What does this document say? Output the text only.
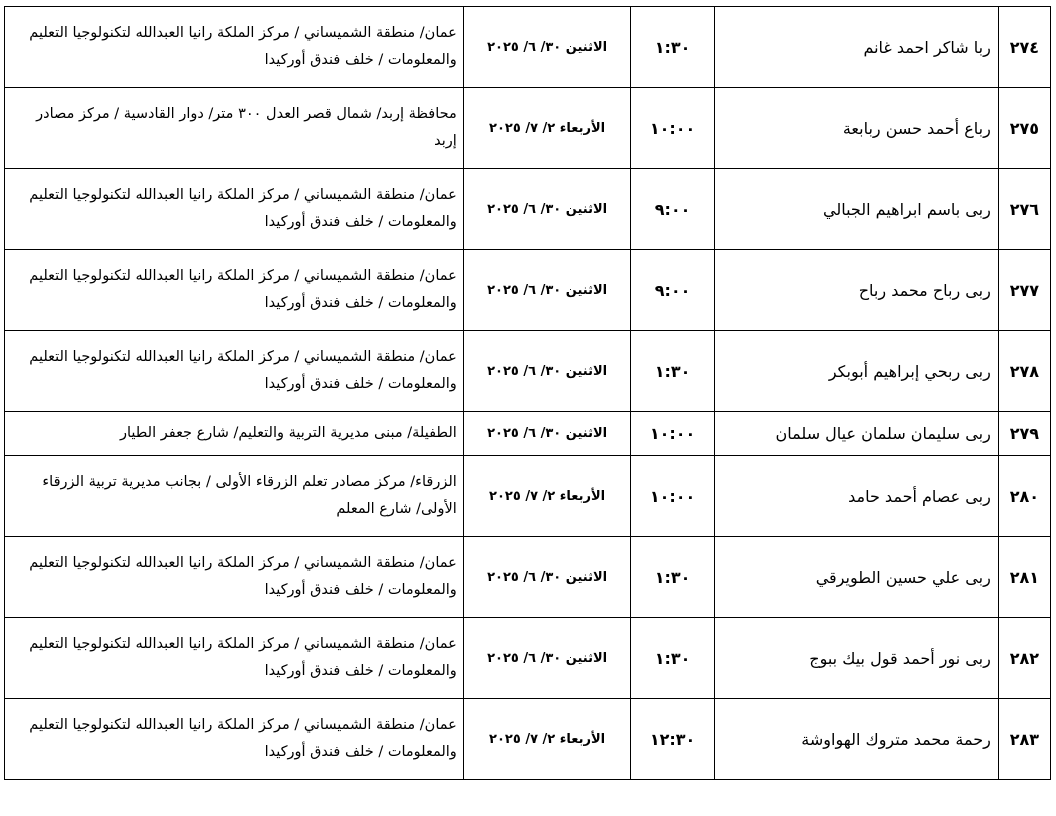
٢٧٤	ربا شاكر احمد غانم	١:٣٠	الاثنين ٣٠/ ٦/ ٢٠٢٥	عمان/ منطقة الشميساني / مركز الملكة رانيا العبدالله لتكنولوجيا التعليم والمعلومات / خلف فندق أوركيدا
٢٧٥	رباع أحمد حسن ربابعة	١٠:٠٠	الأربعاء ٢/ ٧/ ٢٠٢٥	محافظة إربد/ شمال قصر العدل ٣٠٠ متر/ دوار القادسية / مركز مصادر إربد
٢٧٦	ربى باسم ابراهيم الجبالي	٩:٠٠	الاثنين ٣٠/ ٦/ ٢٠٢٥	عمان/ منطقة الشميساني / مركز الملكة رانيا العبدالله لتكنولوجيا التعليم والمعلومات / خلف فندق أوركيدا
٢٧٧	ربى رباح محمد رباح	٩:٠٠	الاثنين ٣٠/ ٦/ ٢٠٢٥	عمان/ منطقة الشميساني / مركز الملكة رانيا العبدالله لتكنولوجيا التعليم والمعلومات / خلف فندق أوركيدا
٢٧٨	ربى ربحي إبراهيم أبوبكر	١:٣٠	الاثنين ٣٠/ ٦/ ٢٠٢٥	عمان/ منطقة الشميساني / مركز الملكة رانيا العبدالله لتكنولوجيا التعليم والمعلومات / خلف فندق أوركيدا
٢٧٩	ربى سليمان سلمان عيال سلمان	١٠:٠٠	الاثنين ٣٠/ ٦/ ٢٠٢٥	الطفيلة/ مبنى مديرية التربية والتعليم/ شارع جعفر الطيار
٢٨٠	ربى عصام أحمد حامد	١٠:٠٠	الأربعاء ٢/ ٧/ ٢٠٢٥	الزرقاء/ مركز مصادر تعلم الزرقاء الأولى / بجانب مديرية تربية الزرقاء الأولى/ شارع المعلم
٢٨١	ربى علي حسين الطويرقي	١:٣٠	الاثنين ٣٠/ ٦/ ٢٠٢٥	عمان/ منطقة الشميساني / مركز الملكة رانيا العبدالله لتكنولوجيا التعليم والمعلومات / خلف فندق أوركيدا
٢٨٢	ربى نور أحمد قول بيك ببوج	١:٣٠	الاثنين ٣٠/ ٦/ ٢٠٢٥	عمان/ منطقة الشميساني / مركز الملكة رانيا العبدالله لتكنولوجيا التعليم والمعلومات / خلف فندق أوركيدا
٢٨٣	رحمة محمد متروك الهواوشة	١٢:٣٠	الأربعاء ٢/ ٧/ ٢٠٢٥	عمان/ منطقة الشميساني / مركز الملكة رانيا العبدالله لتكنولوجيا التعليم والمعلومات / خلف فندق أوركيدا
